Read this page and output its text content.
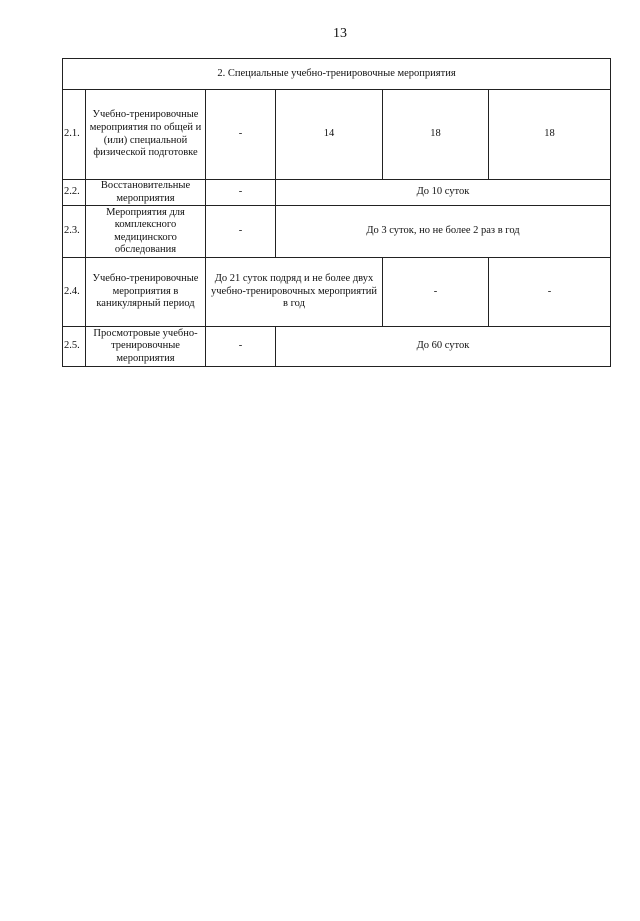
13
2. Специальные учебно-тренировочные мероприятия					
2.1.	Учебно-тренировочные мероприятия по общей и (или) специальной физической подготовке	-	14	18	18
2.2.	Восстановительные мероприятия	-	До 10 суток		
2.3.	Мероприятия для комплексного медицинского обследования	-	До 3 суток, но не более 2 раз в год		
2.4.	Учебно-тренировочные мероприятия в каникулярный период	До 21 суток подряд и не более двух учебно-тренировочных мероприятий в год		-	-
2.5.	Просмотровые учебно-тренировочные мероприятия	-	До 60 суток		
